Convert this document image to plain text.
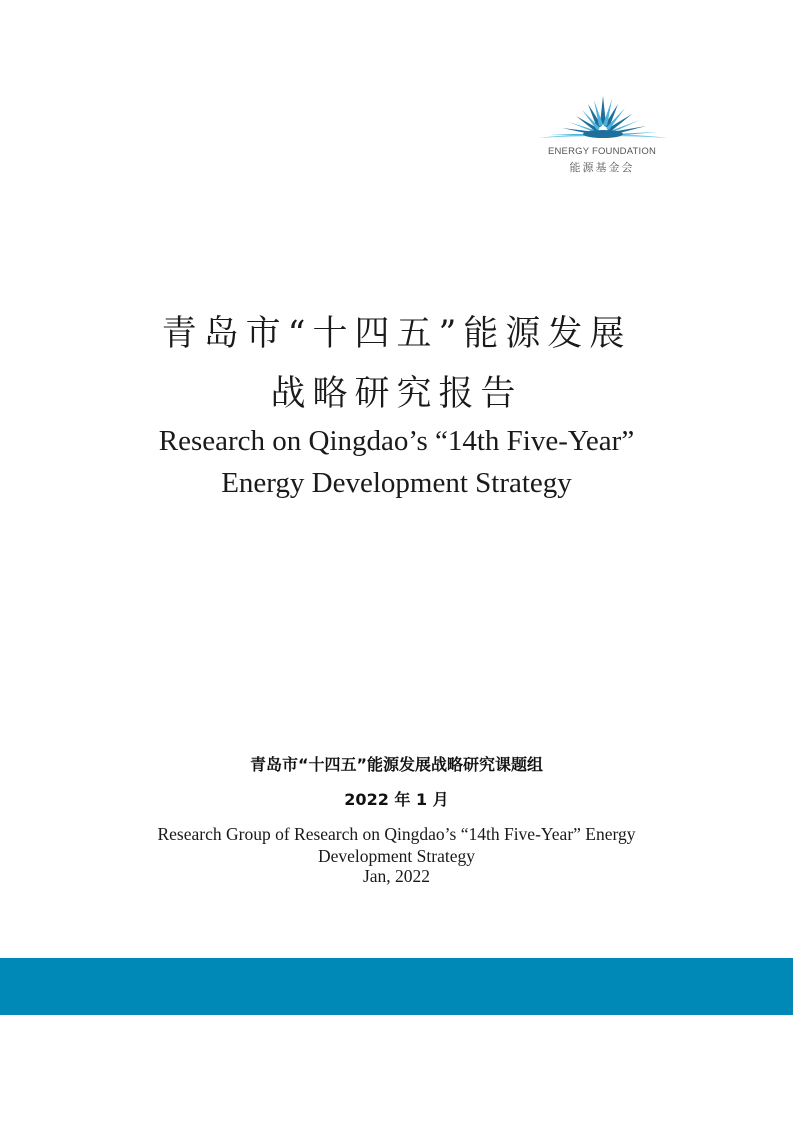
ENERGY FOUNDATION
能源基金会
青岛市“十四五”能源发展
战略研究报告
Research on Qingdao’s “14th Five-Year”
Energy Development Strategy
青岛市“十四五”能源发展战略研究课题组
2022 年 1 月
Research Group of Research on Qingdao’s “14th Five-Year” Energy Development Strategy
Jan, 2022
